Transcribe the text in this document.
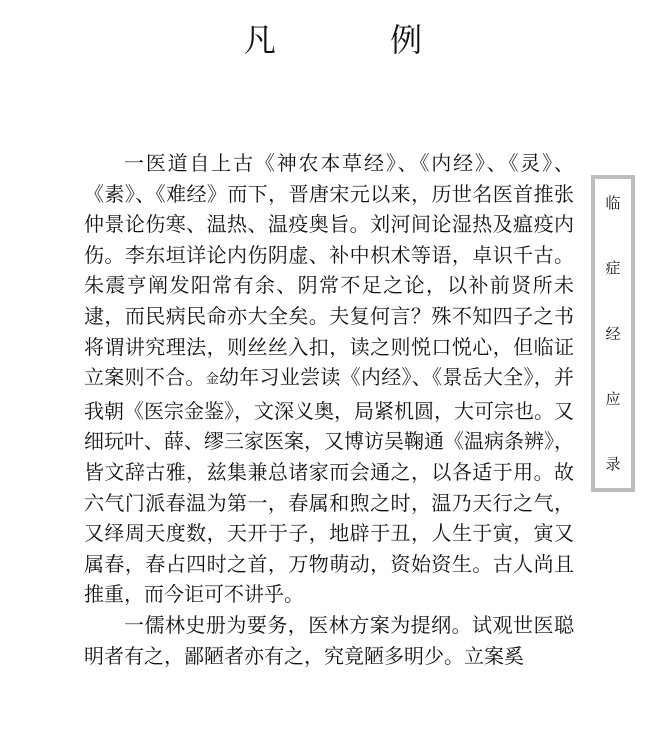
凡 例

一医道自上古《神农本草经》、《内经》、《灵》、《素》、《难经》而下，晋唐宋元以来，历世名医首推张仲景论伤寒、温热、温疫奥旨。刘河间论湿热及瘟疫内伤。李东垣详论内伤阴虚、补中枳术等语，卓识千古。朱震亨阐发阳常有余、阴常不足之论，以补前贤所未逮，而民病民命亦大全矣。夫复何言？殊不知四子之书将谓讲究理法，则丝丝入扣，读之则悦口悦心，但临证立案则不合。金幼年习业尝读《内经》、《景岳大全》，并我朝《医宗金鉴》，文深义奥，局紧机圆，大可宗也。又细玩叶、薛、缪三家医案，又博访吴鞠通《温病条辨》，皆文辞古雅，兹集兼总诸家而会通之，以各适于用。故六气门派春温为第一，春属和煦之时，温乃天行之气，又绎周天度数，天开于子，地辟于丑，人生于寅，寅又属春，春占四时之首，万物萌动，资始资生。古人尚且推重，而今讵可不讲乎。

一儒林史册为要务，医林方案为提纲。试观世医聪明者有之，鄙陋者亦有之，究竟陋多明少。立案奚

临
症
经
应
录
